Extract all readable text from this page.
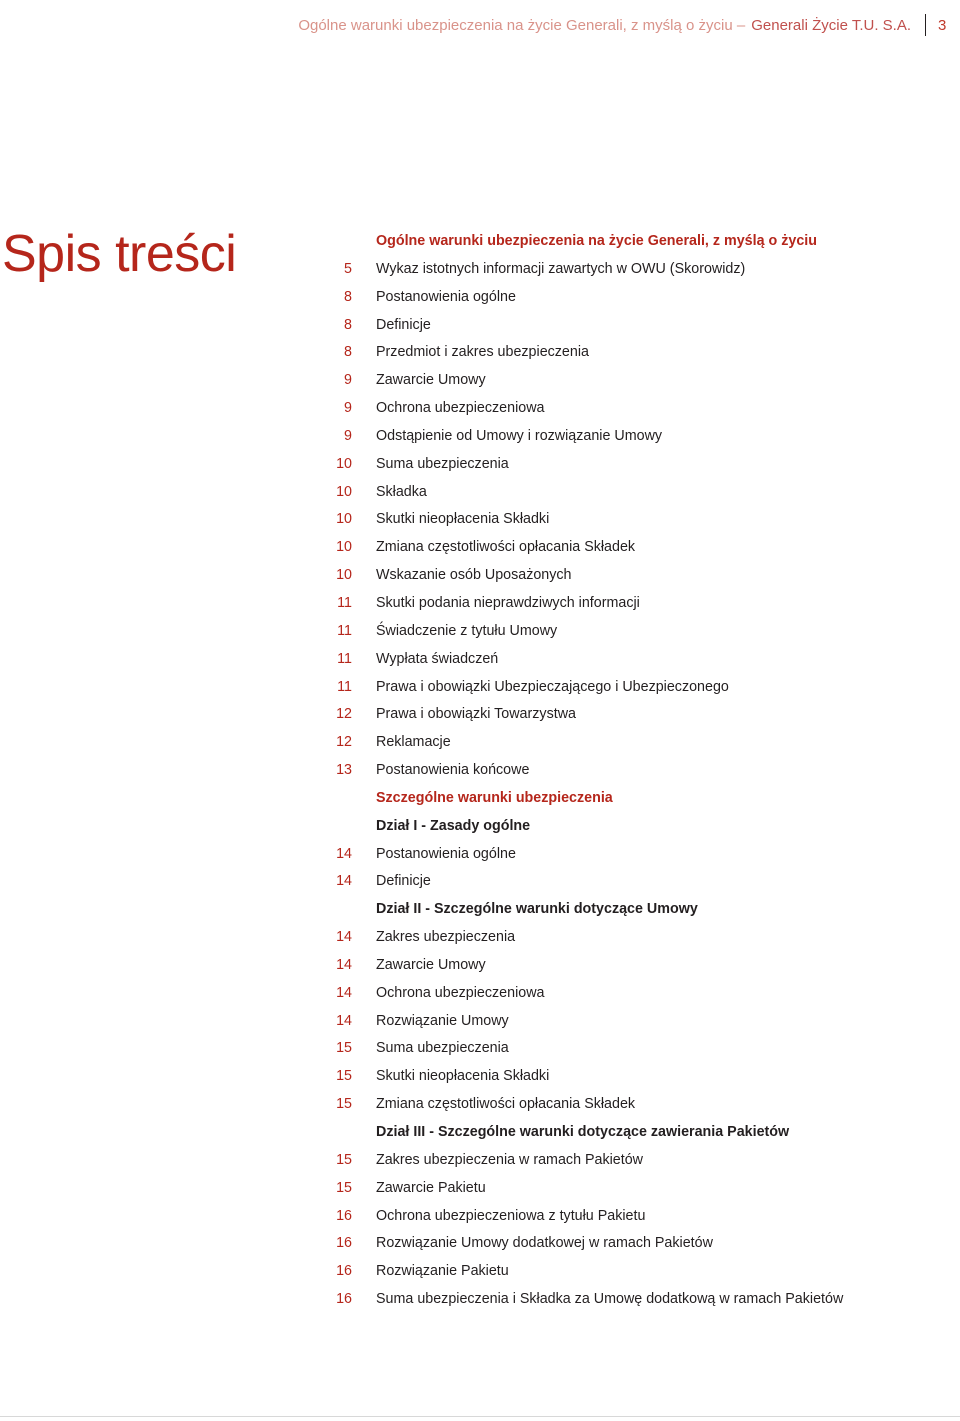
Ogólne warunki ubezpieczenia na życie Generali, z myślą o życiu – Generali Życie T.U. S.A. 3
Spis treści	Ogólne warunki ubezpieczenia na życie Generali, z myślą o życiu
5 Wykaz istotnych informacji zawartych w OWU (Skorowidz)
8 Postanowienia ogólne
8 Definicje
8 Przedmiot i zakres ubezpieczenia
9 Zawarcie Umowy
9 Ochrona ubezpieczeniowa
9 Odstąpienie od Umowy i rozwiązanie Umowy
10 Suma ubezpieczenia
10 Składka
10 Skutki nieopłacenia Składki
10 Zmiana częstotliwości opłacania Składek
10 Wskazanie osób Uposażonych
11 Skutki podania nieprawdziwych informacji
11 Świadczenie z tytułu Umowy
11 Wypłata świadczeń
11 Prawa i obowiązki Ubezpieczającego i Ubezpieczonego
12 Prawa i obowiązki Towarzystwa
12 Reklamacje
13 Postanowienia końcowe
Szczególne warunki ubezpieczenia
Dział I - Zasady ogólne
14 Postanowienia ogólne
14 Definicje
Dział II - Szczególne warunki dotyczące Umowy
14 Zakres ubezpieczenia
14 Zawarcie Umowy
14 Ochrona ubezpieczeniowa
14 Rozwiązanie Umowy
15 Suma ubezpieczenia
15 Skutki nieopłacenia Składki
15 Zmiana częstotliwości opłacania Składek
Dział III - Szczególne warunki dotyczące zawierania Pakietów
15 Zakres ubezpieczenia w ramach Pakietów
15 Zawarcie Pakietu
16 Ochrona ubezpieczeniowa z tytułu Pakietu
16 Rozwiązanie Umowy dodatkowej w ramach Pakietów
16 Rozwiązanie Pakietu
16 Suma ubezpieczenia i Składka za Umowę dodatkową w ramach Pakietów
